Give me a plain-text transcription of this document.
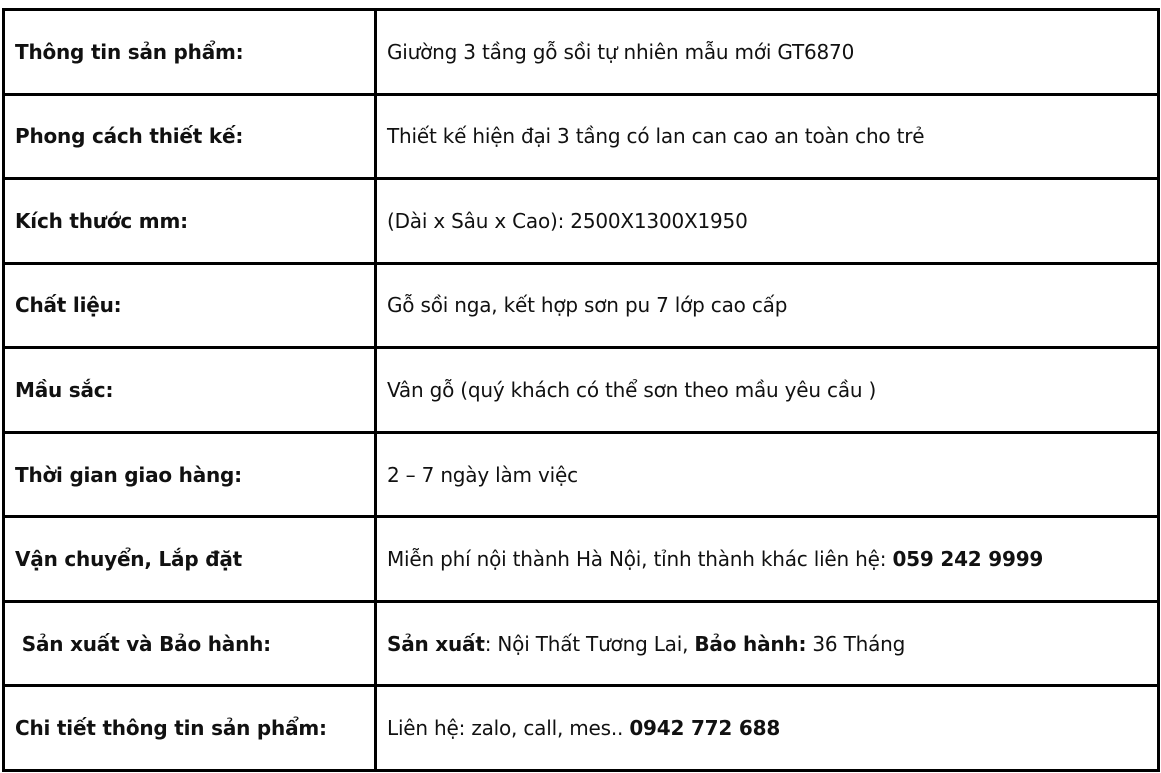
Thông tin sản phẩm:	Giường 3 tầng gỗ sồi tự nhiên mẫu mới GT6870
Phong cách thiết kế:	Thiết kế hiện đại 3 tầng có lan can cao an toàn cho trẻ
Kích thước mm:	(Dài x Sâu x Cao): 2500X1300X1950
Chất liệu:	Gỗ sồi nga, kết hợp sơn pu 7 lớp cao cấp
Mầu sắc:	Vân gỗ (quý khách có thể sơn theo mầu yêu cầu )
Thời gian giao hàng:	2 – 7 ngày làm việc
Vận chuyển, Lắp đặt	Miễn phí nội thành Hà Nội, tỉnh thành khác liên hệ: 059 242 9999
Sản xuất và Bảo hành:	Sản xuất: Nội Thất Tương Lai, Bảo hành: 36 Tháng
Chi tiết thông tin sản phẩm:	Liên hệ: zalo, call, mes.. 0942 772 688
